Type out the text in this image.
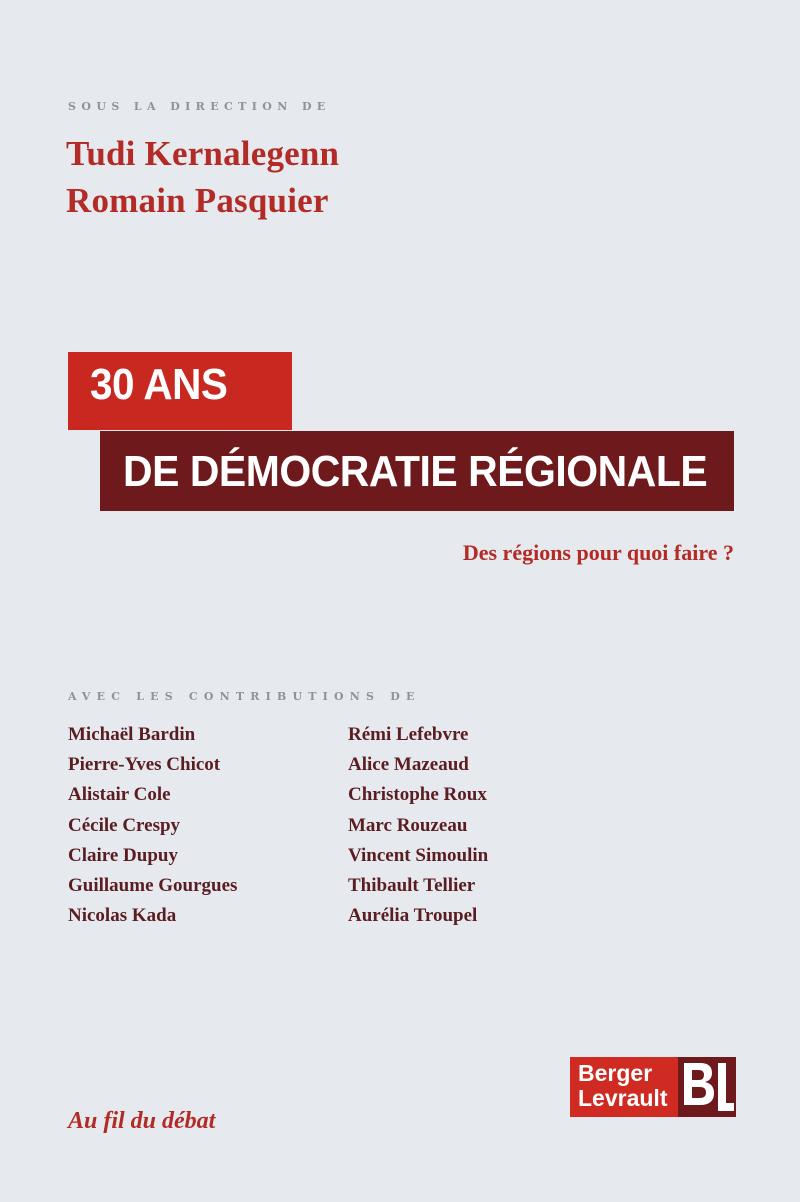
SOUS LA DIRECTION DE
Tudi Kernalegenn
Romain Pasquier
30 ANS
DE DÉMOCRATIE RÉGIONALE
Des régions pour quoi faire ?
AVEC LES CONTRIBUTIONS DE
Michaël Bardin
Pierre-Yves Chicot
Alistair Cole
Cécile Crespy
Claire Dupuy
Guillaume Gourgues
Nicolas Kada
Rémi Lefebvre
Alice Mazeaud
Christophe Roux
Marc Rouzeau
Vincent Simoulin
Thibault Tellier
Aurélia Troupel
Au fil du débat
Berger
Levrault
